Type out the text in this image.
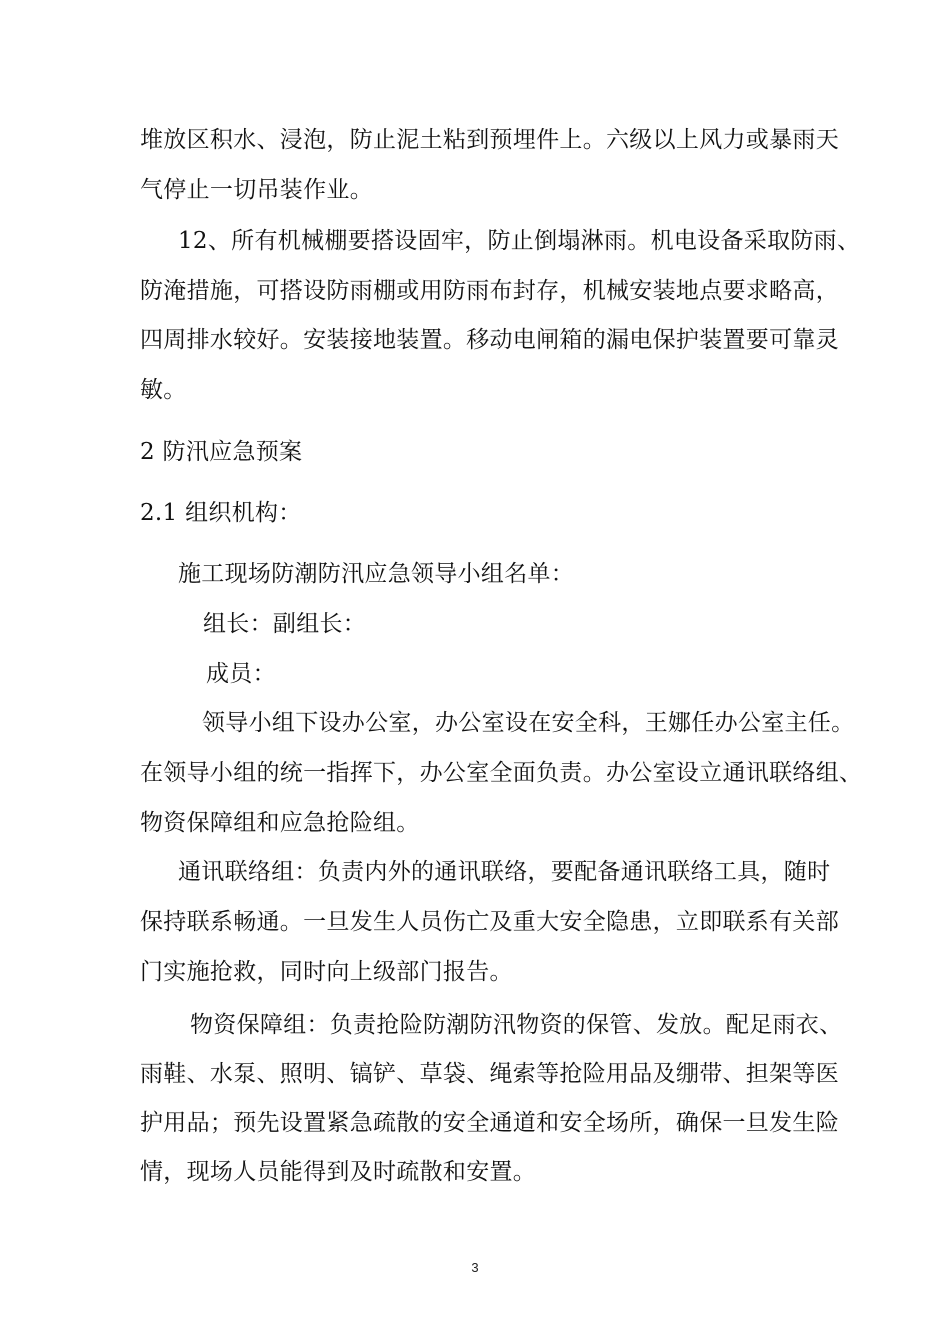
堆放区积水、浸泡，防止泥土粘到预埋件上。六级以上风力或暴雨天
气停止一切吊装作业。
12、所有机械棚要搭设固牢，防止倒塌淋雨。机电设备采取防雨、
防淹措施，可搭设防雨棚或用防雨布封存，机械安装地点要求略高，
四周排水较好。安装接地装置。移动电闸箱的漏电保护装置要可靠灵
敏。
2 防汛应急预案
2.1 组织机构：
施工现场防潮防汛应急领导小组名单：
组长：副组长：
成员：
领导小组下设办公室，办公室设在安全科，王娜任办公室主任。
在领导小组的统一指挥下，办公室全面负责。办公室设立通讯联络组、
物资保障组和应急抢险组。
通讯联络组：负责内外的通讯联络，要配备通讯联络工具，随时
保持联系畅通。一旦发生人员伤亡及重大安全隐患，立即联系有关部
门实施抢救，同时向上级部门报告。
物资保障组：负责抢险防潮防汛物资的保管、发放。配足雨衣、
雨鞋、水泵、照明、镐铲、草袋、绳索等抢险用品及绷带、担架等医
护用品；预先设置紧急疏散的安全通道和安全场所，确保一旦发生险
情，现场人员能得到及时疏散和安置。
3
